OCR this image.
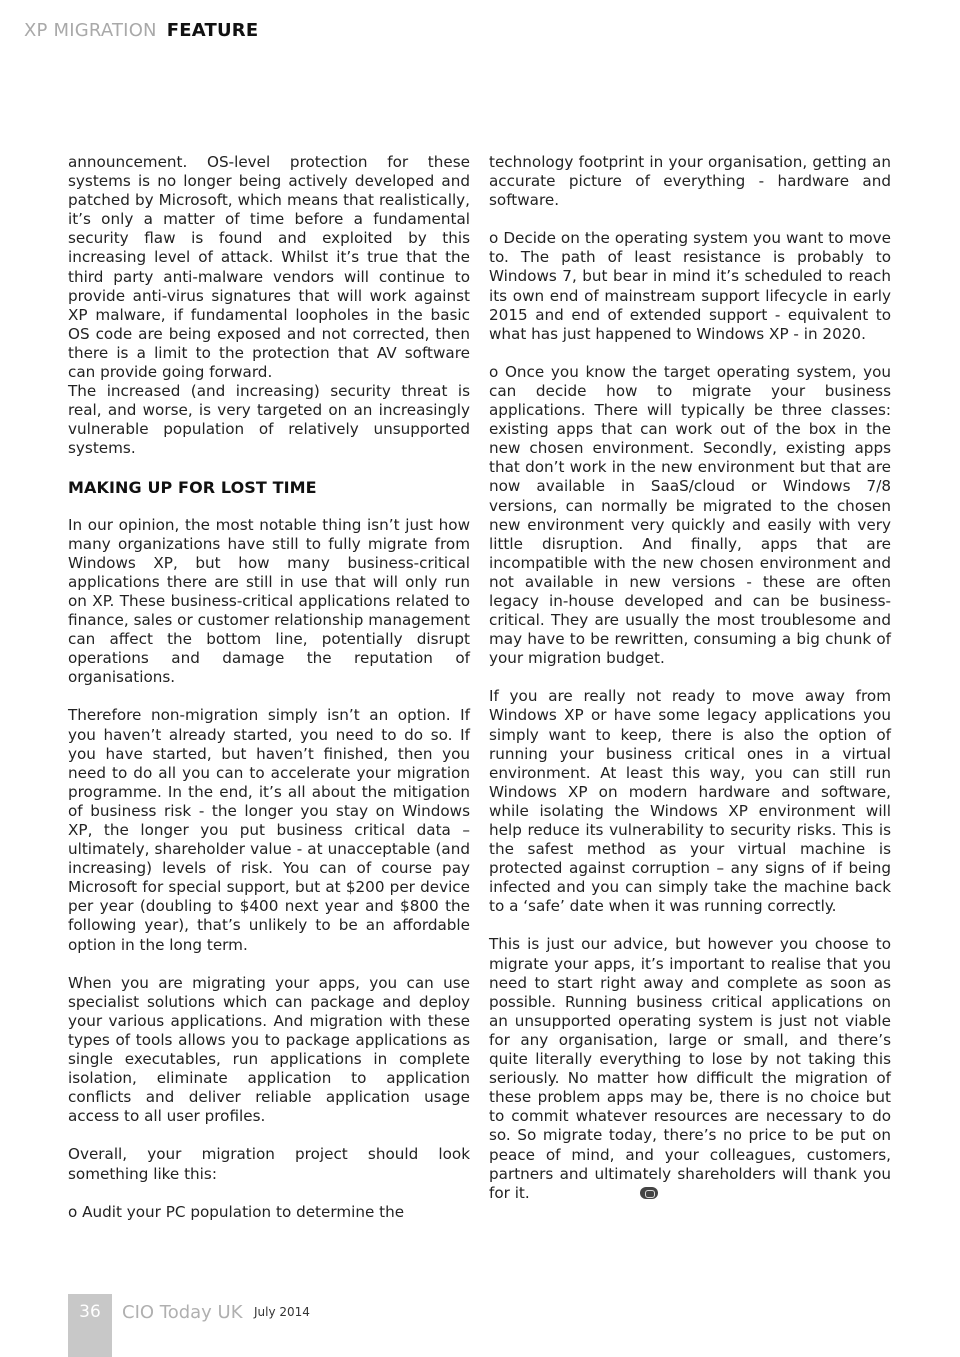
XP MIGRATION FEATURE

announcement. OS-level protection for these systems is no longer being actively developed and patched by Microsoft, which means that realistically, it’s only a matter of time before a fundamental security flaw is found and exploited by this increasing level of attack. Whilst it’s true that the third party anti-malware vendors will continue to provide anti-virus signatures that will work against XP malware, if fundamental loopholes in the basic OS code are being exposed and not corrected, then there is a limit to the protection that AV software can provide going forward.

The increased (and increasing) security threat is real, and worse, is very targeted on an increasingly vulnerable population of relatively unsupported systems.

MAKING UP FOR LOST TIME

In our opinion, the most notable thing isn’t just how many organizations have still to fully migrate from Windows XP, but how many business-critical applications there are still in use that will only run on XP. These business-critical applications related to finance, sales or customer relationship management can affect the bottom line, potentially disrupt operations and damage the reputation of organisations.

Therefore non-migration simply isn’t an option. If you haven’t already started, you need to do so. If you have started, but haven’t finished, then you need to do all you can to accelerate your migration programme. In the end, it’s all about the mitigation of business risk - the longer you stay on Windows XP, the longer you put business critical data – ultimately, shareholder value - at unacceptable (and increasing) levels of risk. You can of course pay Microsoft for special support, but at $200 per device per year (doubling to $400 next year and $800 the following year), that’s unlikely to be an affordable option in the long term.

When you are migrating your apps, you can use specialist solutions which can package and deploy your various applications. And migration with these types of tools allows you to package applications as single executables, run applications in complete isolation, eliminate application to application conflicts and deliver reliable application usage access to all user profiles.

Overall, your migration project should look something like this:

o Audit your PC population to determine the

technology footprint in your organisation, getting an accurate picture of everything - hardware and software.

o Decide on the operating system you want to move to. The path of least resistance is probably to Windows 7, but bear in mind it’s scheduled to reach its own end of mainstream support lifecycle in early 2015 and end of extended support - equivalent to what has just happened to Windows XP - in 2020.

o Once you know the target operating system, you can decide how to migrate your business applications. There will typically be three classes: existing apps that can work out of the box in the new chosen environment. Secondly, existing apps that don’t work in the new environment but that are now available in SaaS/cloud or Windows 7/8 versions, can normally be migrated to the chosen new environment very quickly and easily with very little disruption. And finally, apps that are incompatible with the new chosen environment and not available in new versions - these are often legacy in-house developed and can be business-critical. They are usually the most troublesome and may have to be rewritten, consuming a big chunk of your migration budget.

If you are really not ready to move away from Windows XP or have some legacy applications you simply want to keep, there is also the option of running your business critical ones in a virtual environment. At least this way, you can still run Windows XP on modern hardware and software, while isolating the Windows XP environment will help reduce its vulnerability to security risks. This is the safest method as your virtual machine is protected against corruption – any signs of if being infected and you can simply take the machine back to a ‘safe’ date when it was running correctly.

This is just our advice, but however you choose to migrate your apps, it’s important to realise that you need to start right away and complete as soon as possible. Running business critical applications on an unsupported operating system is just not viable for any organisation, large or small, and there’s quite literally everything to lose by not taking this seriously. No matter how difficult the migration of these problem apps may be, there is no choice but to commit whatever resources are necessary to do so. So migrate today, there’s no price to be put on peace of mind, and your colleagues, customers, partners and ultimately shareholders will thank you for it.

36	CIO Today UK July 2014
